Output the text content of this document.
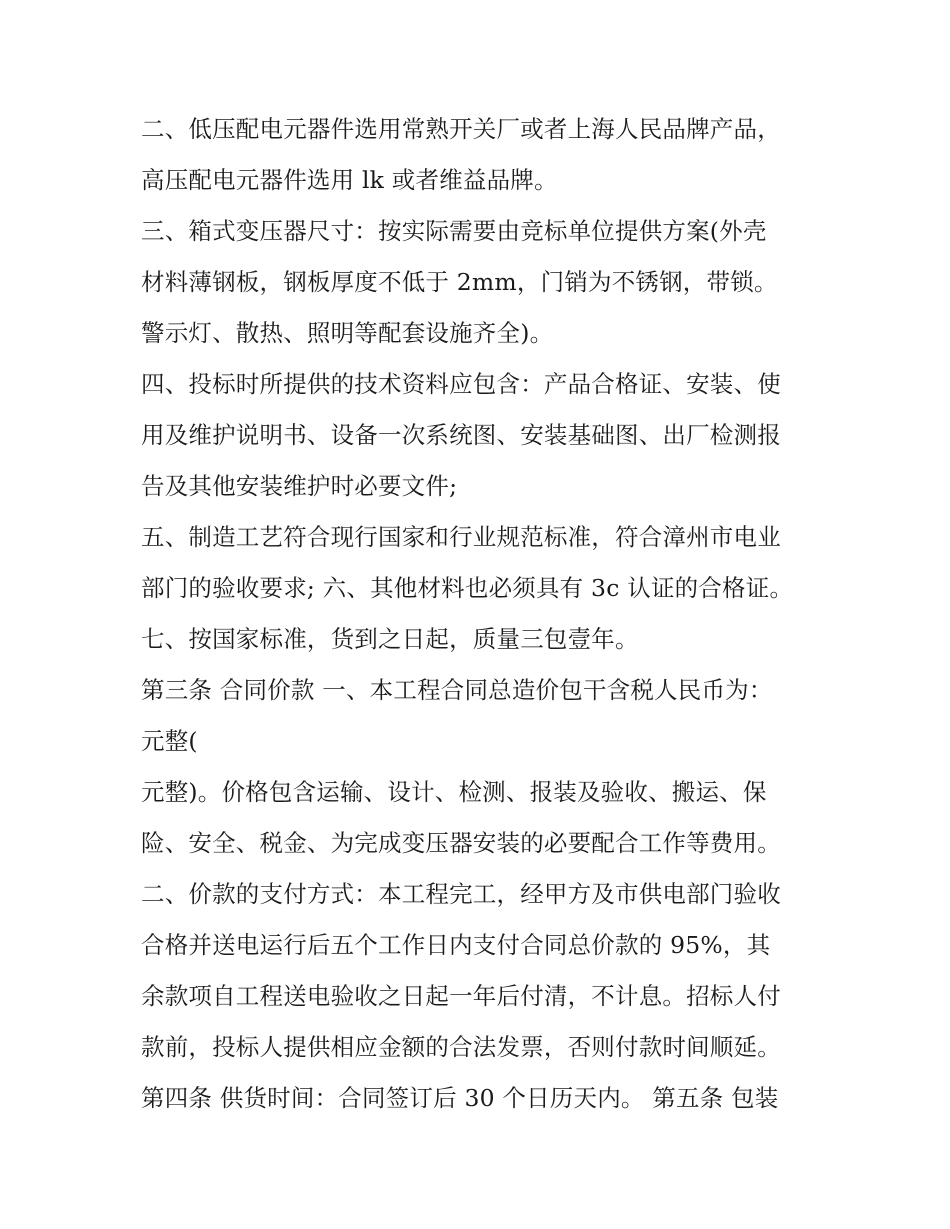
二、低压配电元器件选用常熟开关厂或者上海人民品牌产品，
高压配电元器件选用 lk 或者维益品牌。
三、箱式变压器尺寸：按实际需要由竞标单位提供方案(外壳
材料薄钢板，钢板厚度不低于 2mm，门销为不锈钢，带锁。
警示灯、散热、照明等配套设施齐全)。
四、投标时所提供的技术资料应包含：产品合格证、安装、使
用及维护说明书、设备一次系统图、安装基础图、出厂检测报
告及其他安装维护时必要文件;
五、制造工艺符合现行国家和行业规范标准，符合漳州市电业
部门的验收要求; 六、其他材料也必须具有 3c 认证的合格证。
七、按国家标准，货到之日起，质量三包壹年。
第三条 合同价款 一、本工程合同总造价包干含税人民币为：
元整(
元整)。价格包含运输、设计、检测、报装及验收、搬运、保
险、安全、税金、为完成变压器安装的必要配合工作等费用。
二、价款的支付方式：本工程完工，经甲方及市供电部门验收
合格并送电运行后五个工作日内支付合同总价款的 95%，其
余款项自工程送电验收之日起一年后付清，不计息。招标人付
款前，投标人提供相应金额的合法发票，否则付款时间顺延。
第四条 供货时间：合同签订后 30 个日历天内。 第五条 包装
